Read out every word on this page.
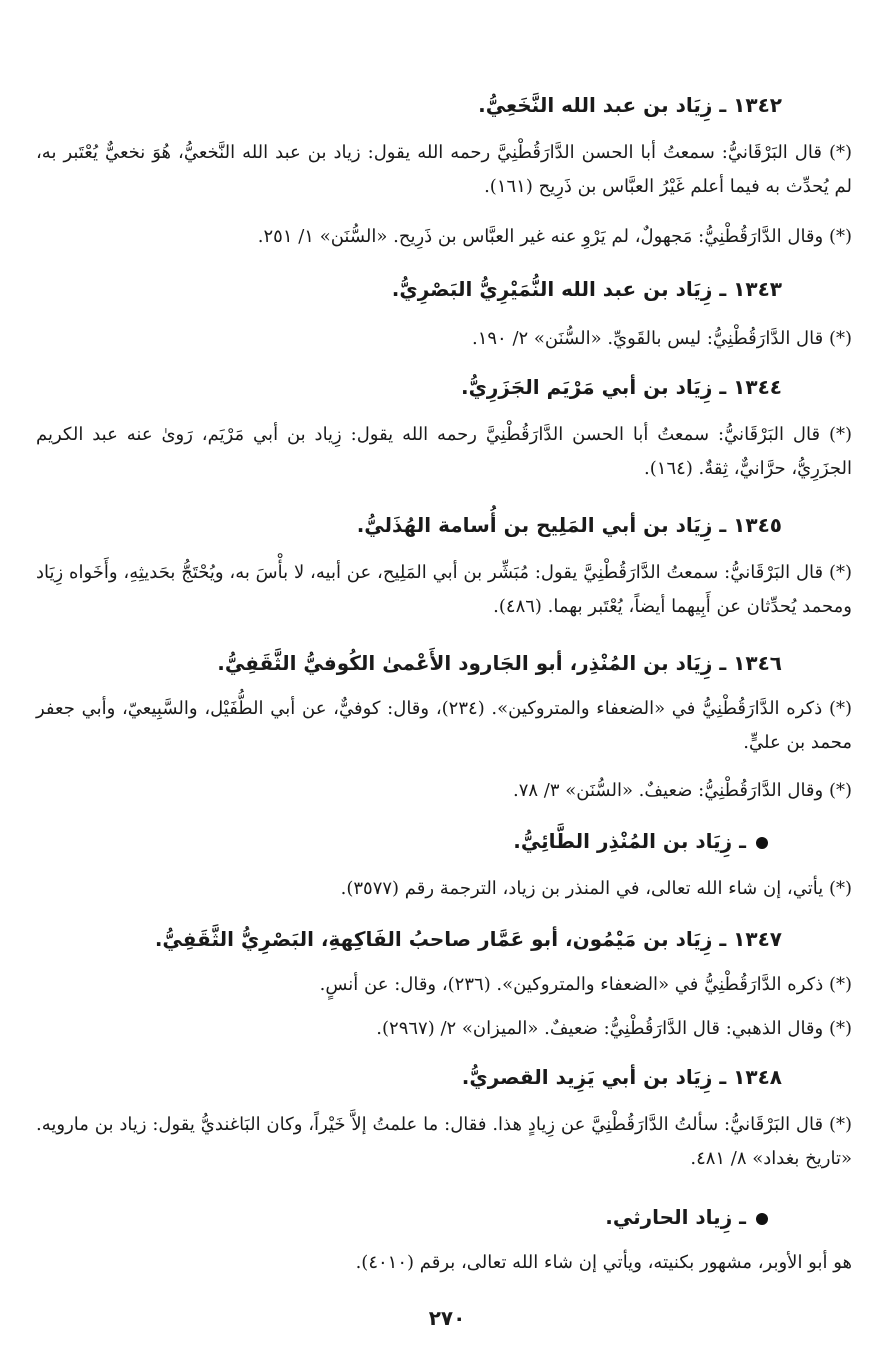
١٣٤٢ ـ زِيَاد بن عبد الله النَّخَعِيُّ.
(*) قال البَرْقَانيُّ: سمعتُ أبا الحسن الدَّارَقُطْنِيَّ رحمه الله يقول: زياد بن عبد الله النَّخعيُّ، هُوَ نخعيٌّ يُعْتَبر به، لم يُحدِّث به فيما أعلم غَيْرُ العبَّاس بن ذَرِيح (١٦١).
(*) وقال الدَّارَقُطْنِيُّ: مَجهولٌ، لم يَرْوِ عنه غير العبَّاس بن ذَرِيح. «السُّنَن» ١/ ٢٥١.
١٣٤٣ ـ زِيَاد بن عبد الله النُّمَيْرِيُّ البَصْرِيُّ.
(*) قال الدَّارَقُطْنِيُّ: ليس بالقَويِّ. «السُّنَن» ٢/ ١٩٠.
١٣٤٤ ـ زِيَاد بن أبي مَرْيَم الجَزَرِيُّ.
(*) قال البَرْقَانيُّ: سمعتُ أبا الحسن الدَّارَقُطْنِيَّ رحمه الله يقول: زِياد بن أبي مَرْيَم، رَوىٰ عنه عبد الكريم الجزَرِيُّ، حرَّانيٌّ، ثِقةٌ. (١٦٤).
١٣٤٥ ـ زِيَاد بن أبي المَلِيح بن أُسامة الهُذَليُّ.
(*) قال البَرْقَانيُّ: سمعتُ الدَّارَقُطْنِيَّ يقول: مُبَشِّر بن أبي المَلِيح، عن أبيه، لا بأْسَ به، ويُحْتَجُّ بحَديثِهِ، وأَخَواه زِيَاد ومحمد يُحدِّثان عن أَبِيهما أيضاً، يُعْتَبر بهما. (٤٨٦).
١٣٤٦ ـ زِيَاد بن المُنْذِر، أبو الجَارود الأَعْمىٰ الكُوفيُّ الثَّقَفِيُّ.
(*) ذكره الدَّارَقُطْنِيُّ في «الضعفاء والمتروكين». (٢٣٤)، وقال: كوفيٌّ، عن أبي الطُّفَيْل، والسَّبِيعيّ، وأبي جعفر محمد بن عليٍّ.
(*) وقال الدَّارَقُطْنِيُّ: ضعيفٌ. «السُّنَن» ٣/ ٧٨.
ـ زِيَاد بن المُنْذِر الطَّائِيُّ.
(*) يأتي، إن شاء الله تعالى، في المنذر بن زياد، الترجمة رقم (٣٥٧٧).
١٣٤٧ ـ زِيَاد بن مَيْمُون، أبو عَمَّار صاحبُ الفَاكِهةِ، البَصْرِيُّ الثَّقَفِيُّ.
(*) ذكره الدَّارَقُطْنِيُّ في «الضعفاء والمتروكين». (٢٣٦)، وقال: عن أنسٍ.
(*) وقال الذهبي: قال الدَّارَقُطْنِيُّ: ضعيفٌ. «الميزان» ٢/ (٢٩٦٧).
١٣٤٨ ـ زِيَاد بن أبي يَزِيد القصريُّ.
(*) قال البَرْقَانيُّ: سألتُ الدَّارَقُطْنِيَّ عن زِيادٍ هذا. فقال: ما علمتُ إلاَّ خَيْراً، وكان البَاغنديُّ يقول: زياد بن مارويه. «تاريخ بغداد» ٨/ ٤٨١.
ـ زِياد الحارثي.
هو أبو الأوبر، مشهور بكنيته، ويأتي إن شاء الله تعالى، برقم (٤٠١٠).
٢٧٠
